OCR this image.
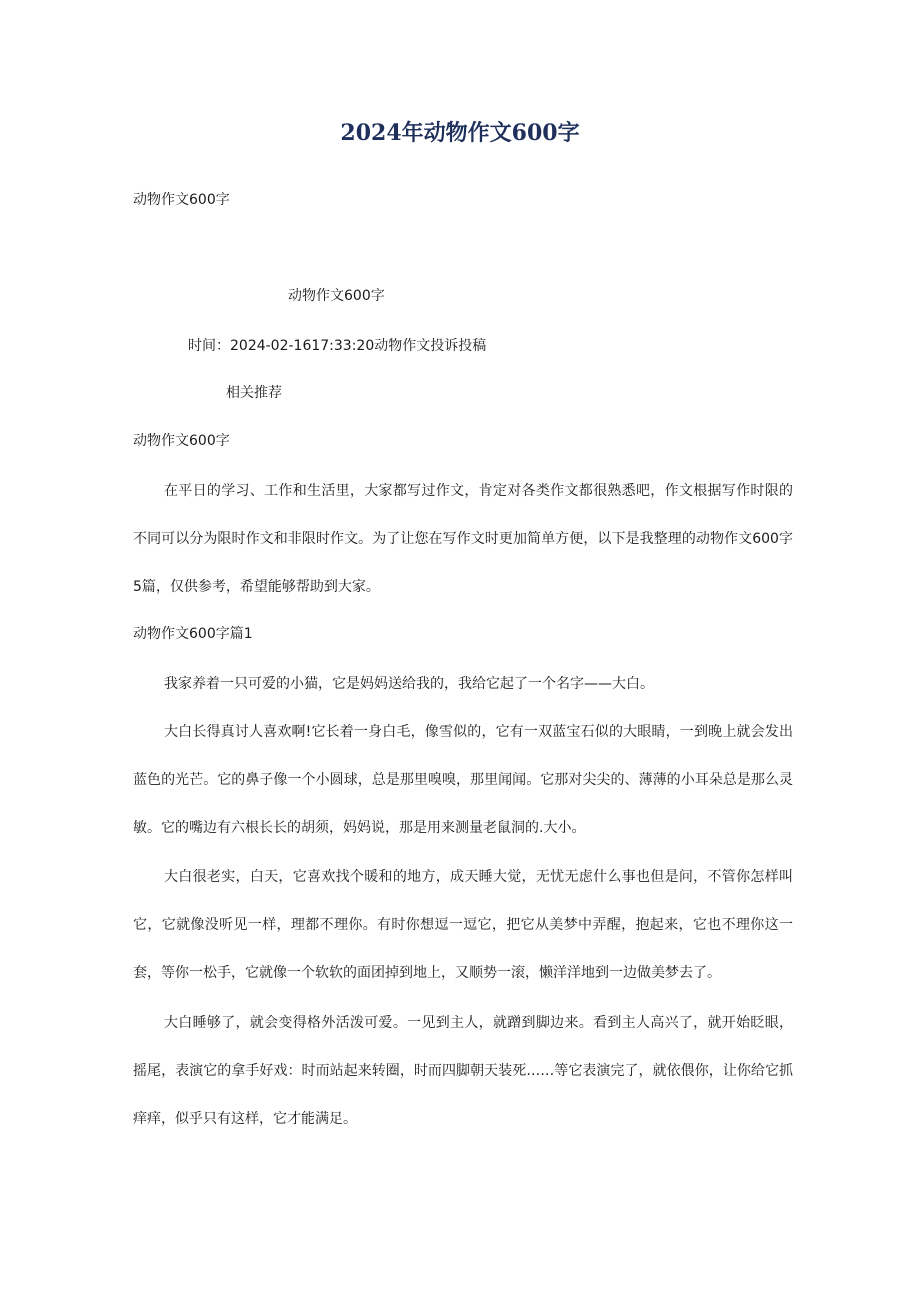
2024年动物作文600字

动物作文600字

动物作文600字

时间：2024-02-1617:33:20动物作文投诉投稿

相关推荐

动物作文600字

在平日的学习、工作和生活里，大家都写过作文，肯定对各类作文都很熟悉吧，作文根据写作时限的不同可以分为限时作文和非限时作文。为了让您在写作文时更加简单方便，以下是我整理的动物作文600字5篇，仅供参考，希望能够帮助到大家。

动物作文600字篇1

我家养着一只可爱的小猫，它是妈妈送给我的，我给它起了一个名字——大白。

大白长得真讨人喜欢啊!它长着一身白毛，像雪似的，它有一双蓝宝石似的大眼睛，一到晚上就会发出蓝色的光芒。它的鼻子像一个小圆球，总是那里嗅嗅，那里闻闻。它那对尖尖的、薄薄的小耳朵总是那么灵敏。它的嘴边有六根长长的胡须，妈妈说，那是用来测量老鼠洞的.大小。

大白很老实，白天，它喜欢找个暖和的地方，成天睡大觉，无忧无虑什么事也但是问，不管你怎样叫它，它就像没听见一样，理都不理你。有时你想逗一逗它，把它从美梦中弄醒，抱起来，它也不理你这一套，等你一松手，它就像一个软软的面团掉到地上，又顺势一滚，懒洋洋地到一边做美梦去了。

大白睡够了，就会变得格外活泼可爱。一见到主人，就蹭到脚边来。看到主人高兴了，就开始眨眼，摇尾，表演它的拿手好戏：时而站起来转圈，时而四脚朝天装死……等它表演完了，就依偎你，让你给它抓痒痒，似乎只有这样，它才能满足。
